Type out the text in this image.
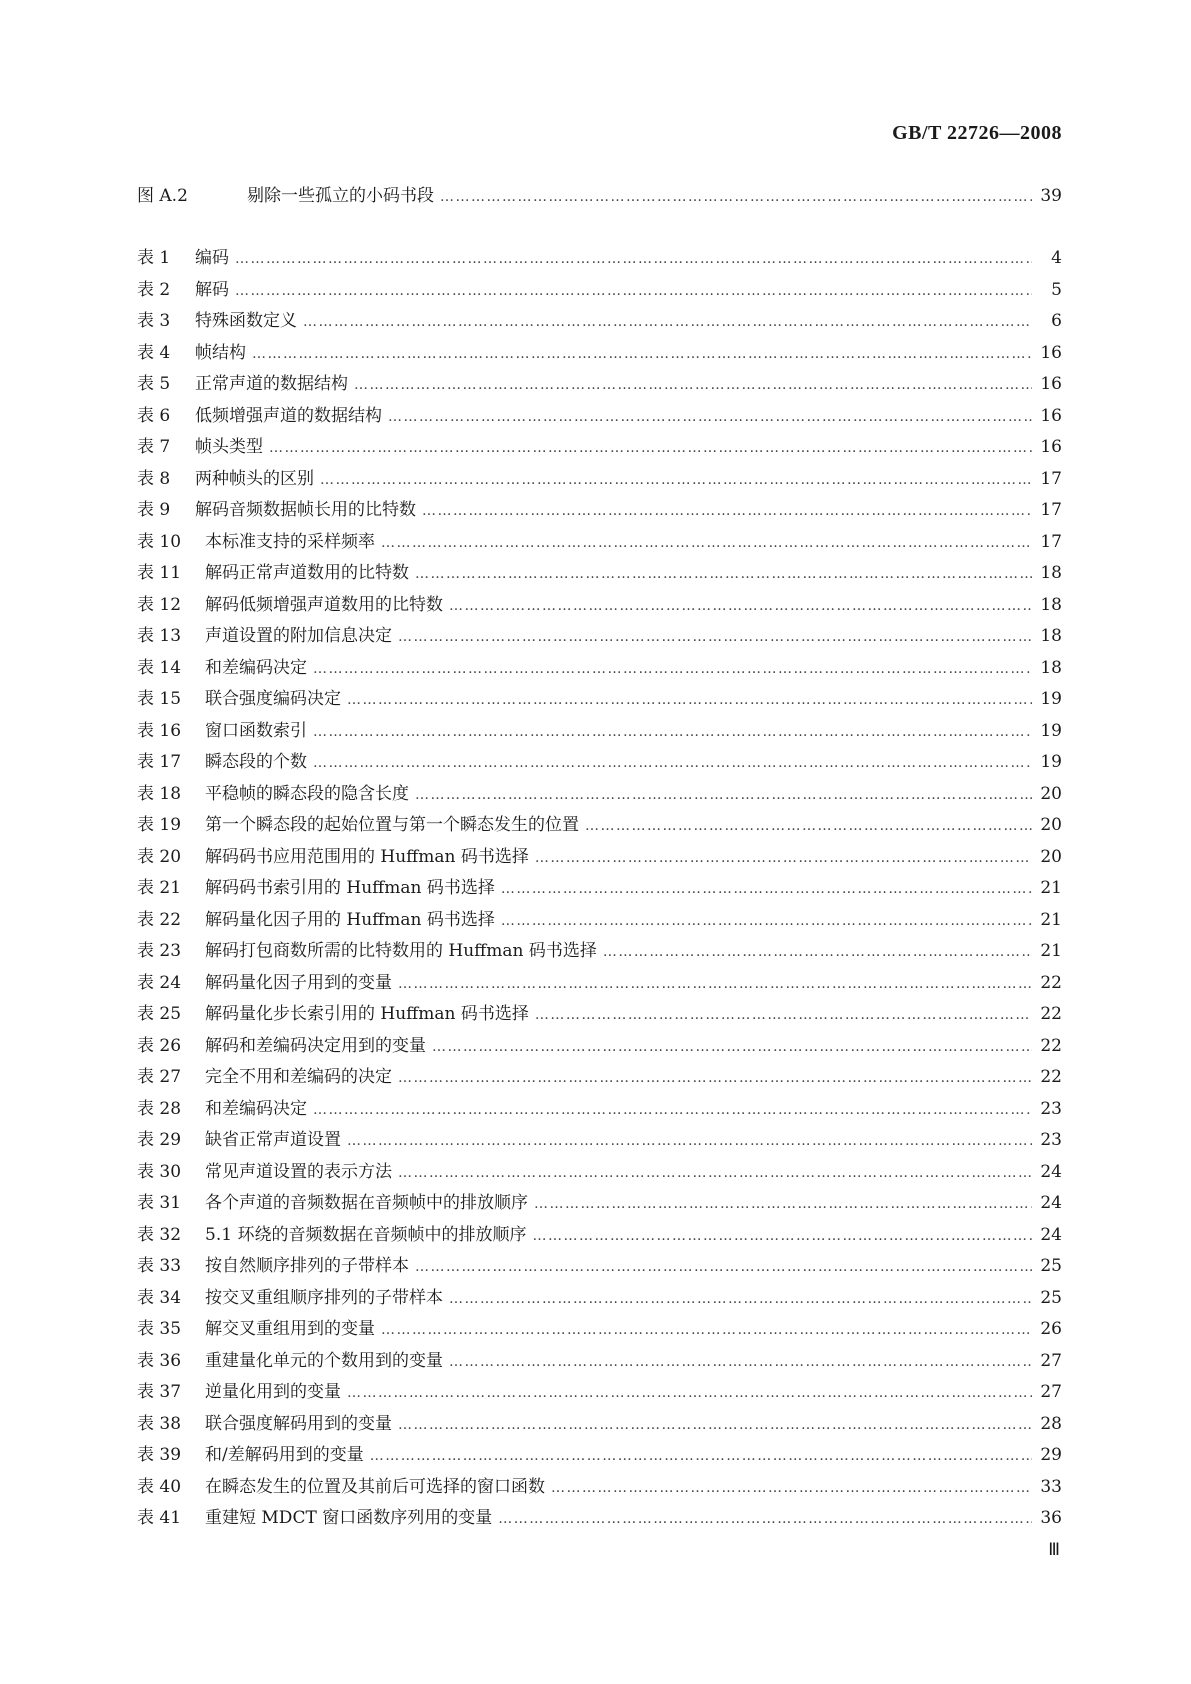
GB/T 22726—2008
图 A.2	剔除一些孤立的小码书段 ……………………………………………………………………………………………………………………………………………………………………	39
表 1	编码 ……………………………………………………………………………………………………………………………………………………………………	4
表 2	解码 ……………………………………………………………………………………………………………………………………………………………………	5
表 3	特殊函数定义 ……………………………………………………………………………………………………………………………………………………………………	6
表 4	帧结构 ……………………………………………………………………………………………………………………………………………………………………	16
表 5	正常声道的数据结构 ……………………………………………………………………………………………………………………………………………………………………	16
表 6	低频增强声道的数据结构 ……………………………………………………………………………………………………………………………………………………………………	16
表 7	帧头类型 ……………………………………………………………………………………………………………………………………………………………………	16
表 8	两种帧头的区别 ……………………………………………………………………………………………………………………………………………………………………	17
表 9	解码音频数据帧长用的比特数 ……………………………………………………………………………………………………………………………………………………………………	17
表 10	本标准支持的采样频率 ……………………………………………………………………………………………………………………………………………………………………	17
表 11	解码正常声道数用的比特数 ……………………………………………………………………………………………………………………………………………………………………	18
表 12	解码低频增强声道数用的比特数 ……………………………………………………………………………………………………………………………………………………………………	18
表 13	声道设置的附加信息决定 ……………………………………………………………………………………………………………………………………………………………………	18
表 14	和差编码决定 ……………………………………………………………………………………………………………………………………………………………………	18
表 15	联合强度编码决定 ……………………………………………………………………………………………………………………………………………………………………	19
表 16	窗口函数索引 ……………………………………………………………………………………………………………………………………………………………………	19
表 17	瞬态段的个数 ……………………………………………………………………………………………………………………………………………………………………	19
表 18	平稳帧的瞬态段的隐含长度 ……………………………………………………………………………………………………………………………………………………………………	20
表 19	第一个瞬态段的起始位置与第一个瞬态发生的位置 ……………………………………………………………………………………………………………………………………………………………………	20
表 20	解码码书应用范围用的 Huffman 码书选择 ……………………………………………………………………………………………………………………………………………………………………	20
表 21	解码码书索引用的 Huffman 码书选择 ……………………………………………………………………………………………………………………………………………………………………	21
表 22	解码量化因子用的 Huffman 码书选择 ……………………………………………………………………………………………………………………………………………………………………	21
表 23	解码打包商数所需的比特数用的 Huffman 码书选择 ……………………………………………………………………………………………………………………………………………………………………	21
表 24	解码量化因子用到的变量 ……………………………………………………………………………………………………………………………………………………………………	22
表 25	解码量化步长索引用的 Huffman 码书选择 ……………………………………………………………………………………………………………………………………………………………………	22
表 26	解码和差编码决定用到的变量 ……………………………………………………………………………………………………………………………………………………………………	22
表 27	完全不用和差编码的决定 ……………………………………………………………………………………………………………………………………………………………………	22
表 28	和差编码决定 ……………………………………………………………………………………………………………………………………………………………………	23
表 29	缺省正常声道设置 ……………………………………………………………………………………………………………………………………………………………………	23
表 30	常见声道设置的表示方法 ……………………………………………………………………………………………………………………………………………………………………	24
表 31	各个声道的音频数据在音频帧中的排放顺序 ……………………………………………………………………………………………………………………………………………………………………	24
表 32	5.1 环绕的音频数据在音频帧中的排放顺序 ……………………………………………………………………………………………………………………………………………………………………	24
表 33	按自然顺序排列的子带样本 ……………………………………………………………………………………………………………………………………………………………………	25
表 34	按交叉重组顺序排列的子带样本 ……………………………………………………………………………………………………………………………………………………………………	25
表 35	解交叉重组用到的变量 ……………………………………………………………………………………………………………………………………………………………………	26
表 36	重建量化单元的个数用到的变量 ……………………………………………………………………………………………………………………………………………………………………	27
表 37	逆量化用到的变量 ……………………………………………………………………………………………………………………………………………………………………	27
表 38	联合强度解码用到的变量 ……………………………………………………………………………………………………………………………………………………………………	28
表 39	和/差解码用到的变量 ……………………………………………………………………………………………………………………………………………………………………	29
表 40	在瞬态发生的位置及其前后可选择的窗口函数 ……………………………………………………………………………………………………………………………………………………………………	33
表 41	重建短 MDCT 窗口函数序列用的变量 ……………………………………………………………………………………………………………………………………………………………………	36
Ⅲ
